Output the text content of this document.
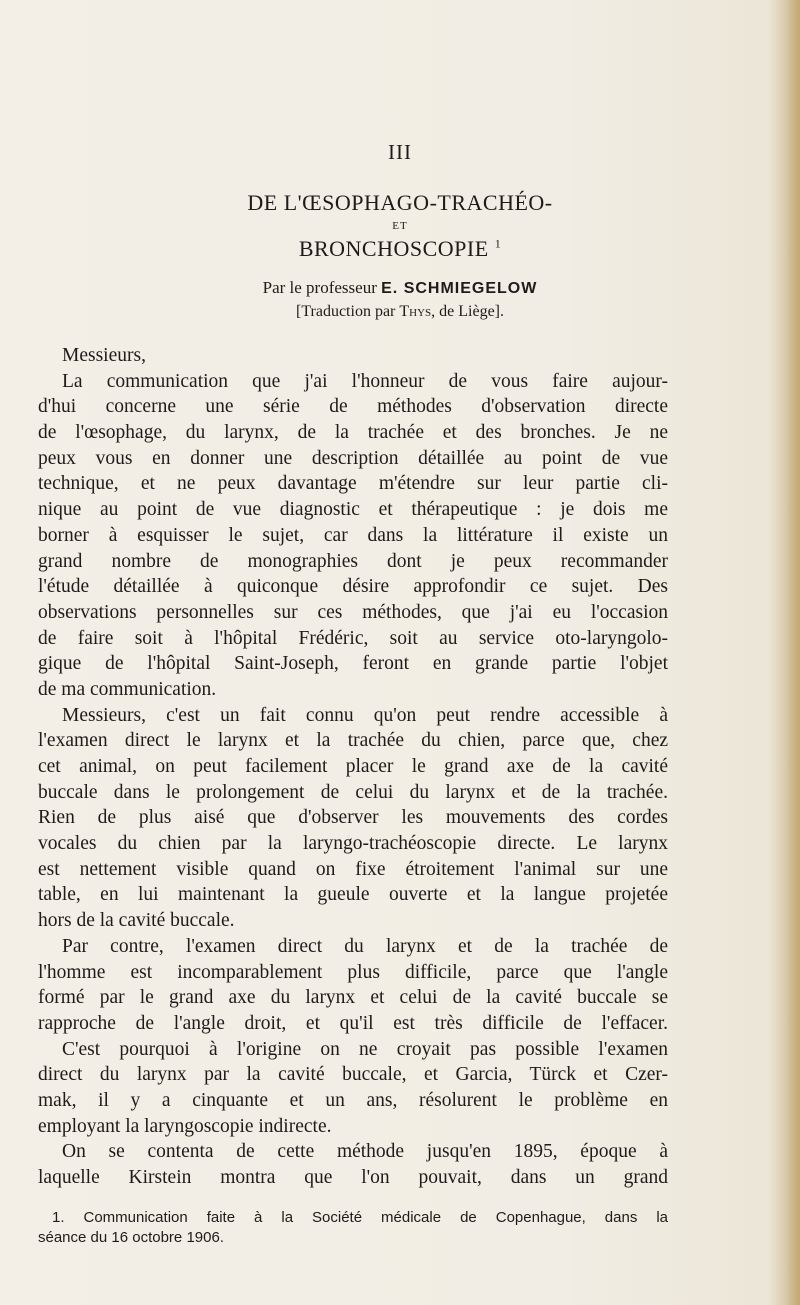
III
DE L'ŒSOPHAGO-TRACHÉO-
ET
BRONCHOSCOPIE $^1$
Par le professeur E. SCHMIEGELOW
[Traduction par Thys, de Liège].
Messieurs,
La communication que j'ai l'honneur de vous faire aujour-
d'hui concerne une série de méthodes d'observation directe
de l'œsophage, du larynx, de la trachée et des bronches. Je ne
peux vous en donner une description détaillée au point de vue
technique, et ne peux davantage m'étendre sur leur partie cli-
nique au point de vue diagnostic et thérapeutique : je dois me
borner à esquisser le sujet, car dans la littérature il existe un
grand nombre de monographies dont je peux recommander
l'étude détaillée à quiconque désire approfondir ce sujet. Des
observations personnelles sur ces méthodes, que j'ai eu l'occasion
de faire soit à l'hôpital Frédéric, soit au service oto-laryngolo-
gique de l'hôpital Saint-Joseph, feront en grande partie l'objet
de ma communication.
Messieurs, c'est un fait connu qu'on peut rendre accessible à
l'examen direct le larynx et la trachée du chien, parce que, chez
cet animal, on peut facilement placer le grand axe de la cavité
buccale dans le prolongement de celui du larynx et de la trachée.
Rien de plus aisé que d'observer les mouvements des cordes
vocales du chien par la laryngo-trachéoscopie directe. Le larynx
est nettement visible quand on fixe étroitement l'animal sur une
table, en lui maintenant la gueule ouverte et la langue projetée
hors de la cavité buccale.
Par contre, l'examen direct du larynx et de la trachée de
l'homme est incomparablement plus difficile, parce que l'angle
formé par le grand axe du larynx et celui de la cavité buccale se
rapproche de l'angle droit, et qu'il est très difficile de l'effacer.
C'est pourquoi à l'origine on ne croyait pas possible l'examen
direct du larynx par la cavité buccale, et Garcia, Türck et Czer-
mak, il y a cinquante et un ans, résolurent le problème en
employant la laryngoscopie indirecte.
On se contenta de cette méthode jusqu'en 1895, époque à
laquelle Kirstein montra que l'on pouvait, dans un grand
1. Communication faite à la Société médicale de Copenhague, dans la
séance du 16 octobre 1906.
